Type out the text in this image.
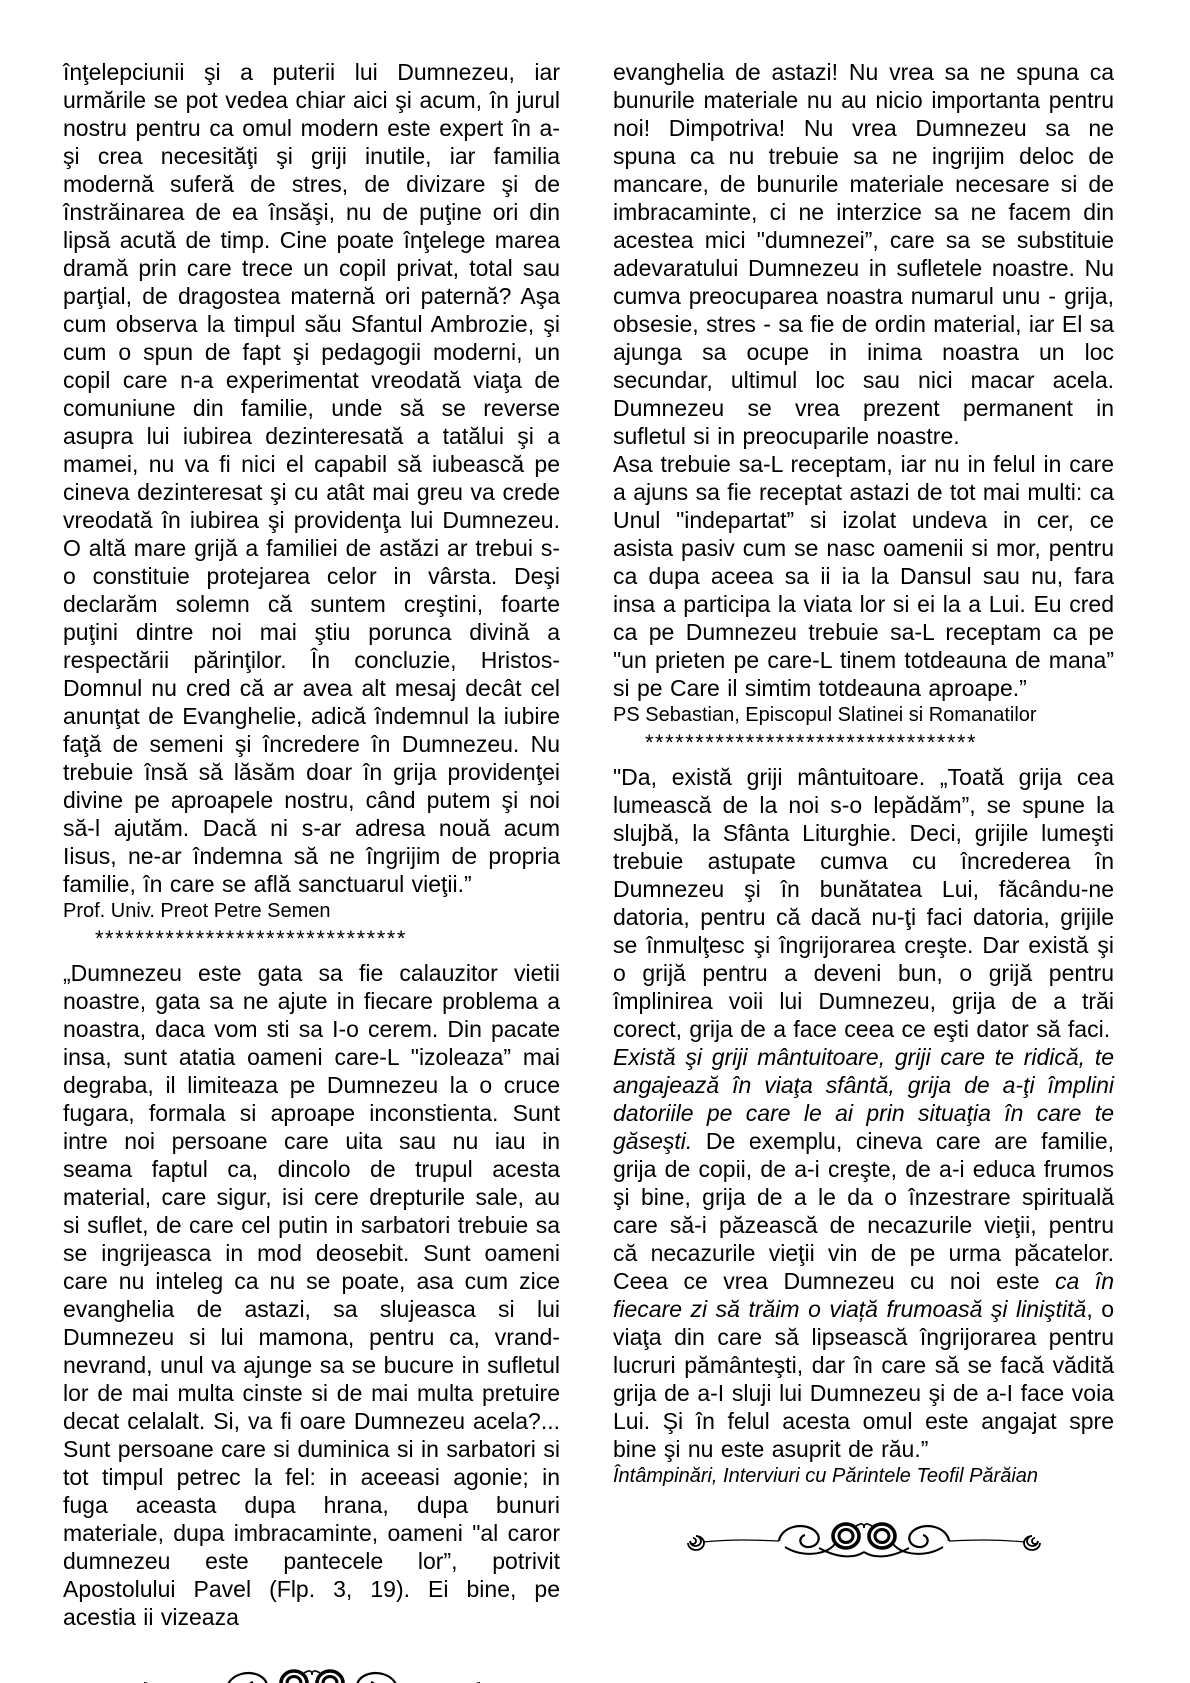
înţelepciunii şi a puterii lui Dumnezeu, iar urmările se pot vedea chiar aici şi acum, în jurul nostru pentru ca omul modern este expert în a-şi crea necesităţi şi griji inutile, iar familia modernă suferă de stres, de divizare şi de înstrăinarea de ea însăşi, nu de puţine ori din lipsă acută de timp. Cine poate înţelege marea dramă prin care trece un copil privat, total sau parţial, de dragostea maternă ori paternă? Aşa cum observa la timpul său Sfantul Ambrozie, şi cum o spun de fapt şi pedagogii moderni, un copil care n-a experimentat vreodată viaţa de comuniune din familie, unde să se reverse asupra lui iubirea dezinteresată a tatălui şi a mamei, nu va fi nici el capabil să iubească pe cineva dezinteresat şi cu atât mai greu va crede vreodată în iubirea şi providenţa lui Dumnezeu. O altă mare grijă a familiei de astăzi ar trebui s-o constituie protejarea celor in vârsta. Deşi declarăm solemn că suntem creştini, foarte puţini dintre noi mai ştiu porunca divină a respectării părinţilor. În concluzie, Hristos-Domnul nu cred că ar avea alt mesaj decât cel anunţat de Evanghelie, adică îndemnul la iubire faţă de semeni şi încredere în Dumnezeu. Nu trebuie însă să lăsăm doar în grija providenţei divine pe aproapele nostru, când putem şi noi să-l ajutăm. Dacă ni s-ar adresa nouă acum Iisus, ne-ar îndemna să ne îngrijim de propria familie, în care se află sanctuarul vieţii.”

Prof. Univ. Preot Petre Semen

*******************************

„Dumnezeu este gata sa fie calauzitor vietii noastre, gata sa ne ajute in fiecare problema a noastra, daca vom sti sa I-o cerem. Din pacate insa, sunt atatia oameni care-L "izoleaza” mai degraba, il limiteaza pe Dumnezeu la o cruce fugara, formala si aproape inconstienta. Sunt intre noi persoane care uita sau nu iau in seama faptul ca, dincolo de trupul acesta material, care sigur, isi cere drepturile sale, au si suflet, de care cel putin in sarbatori trebuie sa se ingrijeasca in mod deosebit. Sunt oameni care nu inteleg ca nu se poate, asa cum zice evanghelia de astazi, sa slujeasca si lui Dumnezeu si lui mamona, pentru ca, vrand-nevrand, unul va ajunge sa se bucure in sufletul lor de mai multa cinste si de mai multa pretuire decat celalalt. Si, va fi oare Dumnezeu acela?... Sunt persoane care si duminica si in sarbatori si tot timpul petrec la fel: in aceeasi agonie; in fuga aceasta dupa hrana, dupa bunuri materiale, dupa imbracaminte, oameni "al caror dumnezeu este pantecele lor”, potrivit Apostolului Pavel (Flp. 3, 19). Ei bine, pe acestia ii vizeaza

evanghelia de astazi! Nu vrea sa ne spuna ca bunurile materiale nu au nicio importanta pentru noi! Dimpotriva! Nu vrea Dumnezeu sa ne spuna ca nu trebuie sa ne ingrijim deloc de mancare, de bunurile materiale necesare si de imbracaminte, ci ne interzice sa ne facem din acestea mici "dumnezei”, care sa se substituie adevaratului Dumnezeu in sufletele noastre. Nu cumva preocuparea noastra numarul unu - grija, obsesie, stres - sa fie de ordin material, iar El sa ajunga sa ocupe in inima noastra un loc secundar, ultimul loc sau nici macar acela. Dumnezeu se vrea prezent permanent in sufletul si in preocuparile noastre.

Asa trebuie sa-L receptam, iar nu in felul in care a ajuns sa fie receptat astazi de tot mai multi: ca Unul "indepartat” si izolat undeva in cer, ce asista pasiv cum se nasc oamenii si mor, pentru ca dupa aceea sa ii ia la Dansul sau nu, fara insa a participa la viata lor si ei la a Lui. Eu cred ca pe Dumnezeu trebuie sa-L receptam ca pe "un prieten pe care-L tinem totdeauna de mana” si pe Care il simtim totdeauna aproape.”

PS Sebastian, Episcopul Slatinei si Romanatilor

*********************************

"Da, există griji mântuitoare. „Toată grija cea lumească de la noi s-o lepădăm”, se spune la slujbă, la Sfânta Liturghie. Deci, grijile lumeşti trebuie astupate cumva cu încrederea în Dumnezeu şi în bunătatea Lui, făcându-ne datoria, pentru că dacă nu-ţi faci datoria, grijile se înmulţesc şi îngrijorarea creşte. Dar există şi o grijă pentru a deveni bun, o grijă pentru împlinirea voii lui Dumnezeu, grija de a trăi corect, grija de a face ceea ce eşti dator să faci.

Există şi griji mântuitoare, griji care te ridică, te angajează în viaţa sfântă, grija de a-ţi împlini datoriile pe care le ai prin situaţia în care te găseşti. De exemplu, cineva care are familie, grija de copii, de a-i creşte, de a-i educa frumos şi bine, grija de a le da o înzestrare spirituală care să-i păzească de necazurile vieţii, pentru că necazurile vieţii vin de pe urma păcatelor. Ceea ce vrea Dumnezeu cu noi este ca în fiecare zi să trăim o viață frumoasă şi liniştită, o viaţa din care să lipsească îngrijorarea pentru lucruri pământeşti, dar în care să se facă vădită grija de a-I sluji lui Dumnezeu şi de a-I face voia Lui. Şi în felul acesta omul este angajat spre bine şi nu este asuprit de rău.”

Întâmpinări, Interviuri cu Părintele Teofil Părăian
